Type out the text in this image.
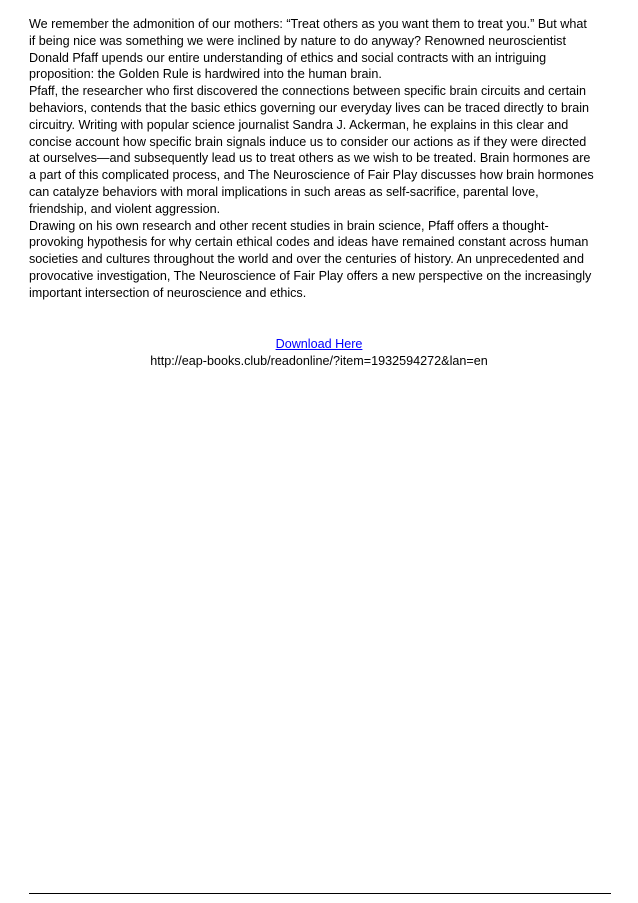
We remember the admonition of our mothers: “Treat others as you want them to treat you.” But what
if being nice was something we were inclined by nature to do anyway? Renowned neuroscientist
Donald Pfaff upends our entire understanding of ethics and social contracts with an intriguing
proposition: the Golden Rule is hardwired into the human brain.
Pfaff, the researcher who first discovered the connections between specific brain circuits and certain
behaviors, contends that the basic ethics governing our everyday lives can be traced directly to brain
circuitry. Writing with popular science journalist Sandra J. Ackerman, he explains in this clear and
concise account how specific brain signals induce us to consider our actions as if they were directed
at ourselves—and subsequently lead us to treat others as we wish to be treated. Brain hormones are
a part of this complicated process, and The Neuroscience of Fair Play discusses how brain hormones
can catalyze behaviors with moral implications in such areas as self-sacrifice, parental love,
friendship, and violent aggression.
Drawing on his own research and other recent studies in brain science, Pfaff offers a thought-
provoking hypothesis for why certain ethical codes and ideas have remained constant across human
societies and cultures throughout the world and over the centuries of history. An unprecedented and
provocative investigation, The Neuroscience of Fair Play offers a new perspective on the increasingly
important intersection of neuroscience and ethics.
Download Here
http://eap-books.club/readonline/?item=1932594272&lan=en
